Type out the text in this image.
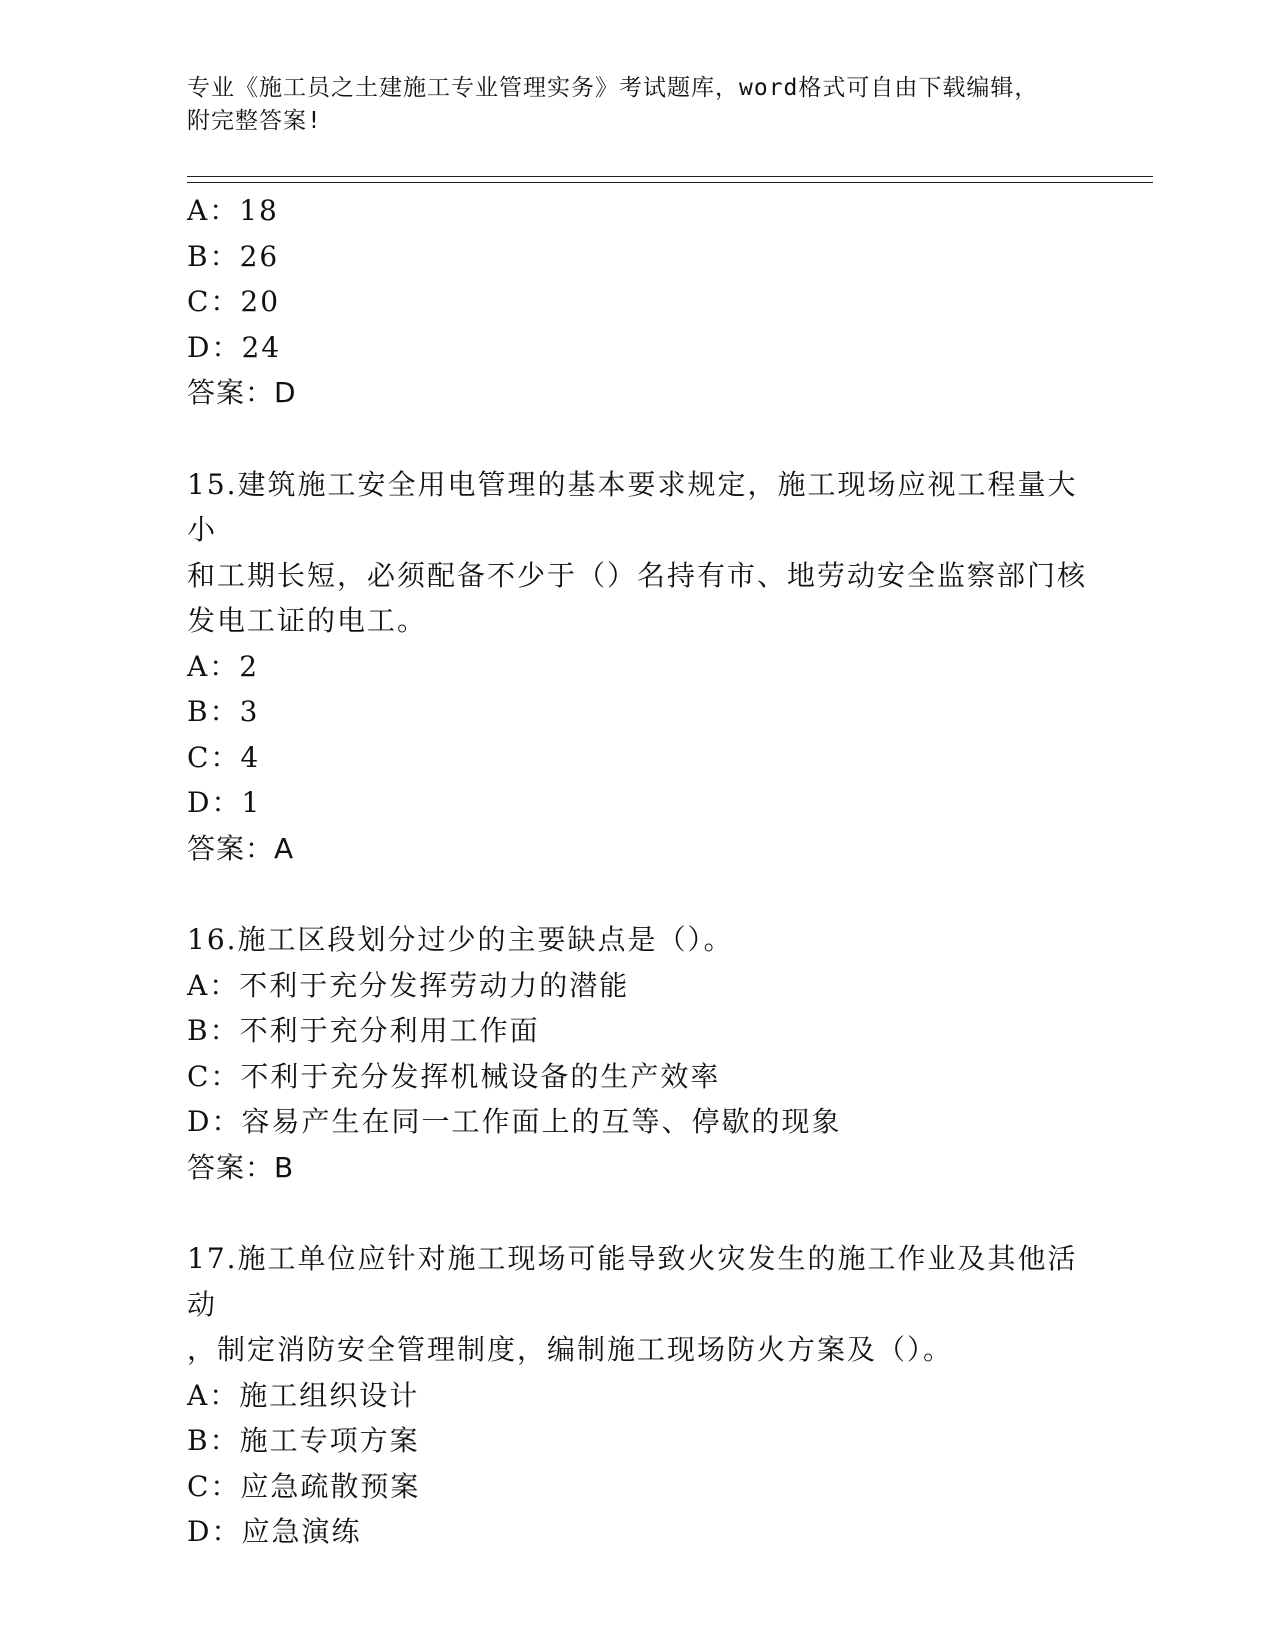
专业《施工员之土建施工专业管理实务》考试题库，word格式可自由下载编辑，
附完整答案!
A：18
B：26
C：20
D：24
答案：D
15.建筑施工安全用电管理的基本要求规定，施工现场应视工程量大小
和工期长短，必须配备不少于（）名持有市、地劳动安全监察部门核
发电工证的电工。
A：2
B：3
C：4
D：1
答案：A
16.施工区段划分过少的主要缺点是（）。
A：不利于充分发挥劳动力的潜能
B：不利于充分利用工作面
C：不利于充分发挥机械设备的生产效率
D：容易产生在同一工作面上的互等、停歇的现象
答案：B
17.施工单位应针对施工现场可能导致火灾发生的施工作业及其他活动
，制定消防安全管理制度，编制施工现场防火方案及（）。
A：施工组织设计
B：施工专项方案
C：应急疏散预案
D：应急演练
